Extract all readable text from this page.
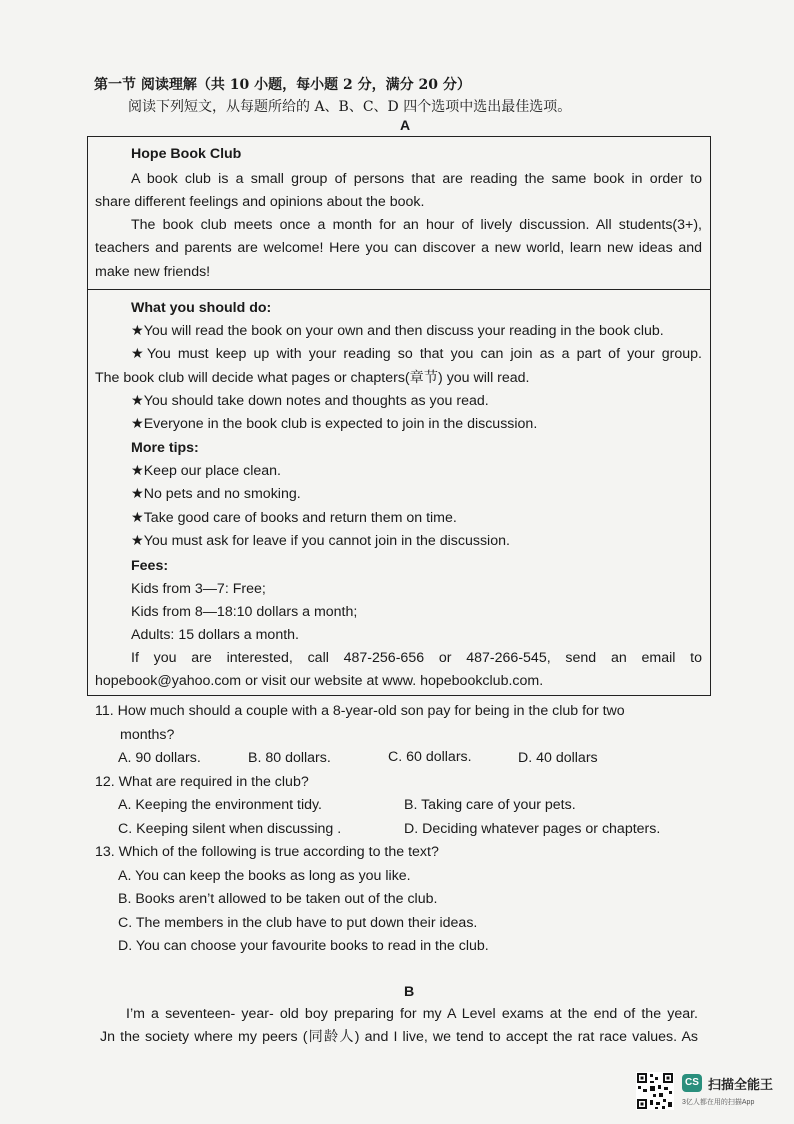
第一节 阅读理解（共 10 小题，每小题 2 分，满分 20 分）
阅读下列短文，从每题所给的 A、B、C、D 四个选项中选出最佳选项。
A
Hope Book Club
A book club is a small group of persons that are reading the same book in order to
share different feelings and opinions about the book.
The book club meets once a month for an hour of lively discussion. All students(3+),
teachers and parents are welcome! Here you can discover a new world, learn new ideas and
make new friends!
What you should do:
★You will read the book on your own and then discuss your reading in the book club.
★You must keep up with your reading so that you can join as a part of your group.
The book club will decide what pages or chapters(章节) you will read.
★You should take down notes and thoughts as you read.
★Everyone in the book club is expected to join in the discussion.
More tips:
★Keep our place clean.
★No pets and no smoking.
★Take good care of books and return them on time.
★You must ask for leave if you cannot join in the discussion.
Fees:
Kids from 3—7: Free;
Kids from 8—18:10 dollars a month;
Adults: 15 dollars a month.
If you are interested, call 487-256-656 or 487-266-545, send an email to
hopebook@yahoo.com or visit our website at www. hopebookclub.com.
11. How much should a couple with a 8-year-old son pay for being in the club for two
months?
A. 90 dollars.	B. 80 dollars.	C. 60 dollars.	D. 40 dollars
12. What are required in the club?
A. Keeping the environment tidy.	B. Taking care of your pets.
C. Keeping silent when discussing .	D. Deciding whatever pages or chapters.
13. Which of the following is true according to the text?
A. You can keep the books as long as you like.
B. Books aren’t allowed to be taken out of the club.
C. The members in the club have to put down their ideas.
D. You can choose your favourite books to read in the club.
B
I’m a seventeen- year- old boy preparing for my A Level exams at the end of the year.
Jn the society where my peers (同龄人) and I live, we tend to accept the rat race values. As
CS 扫描全能王
3亿人都在用的扫描App
